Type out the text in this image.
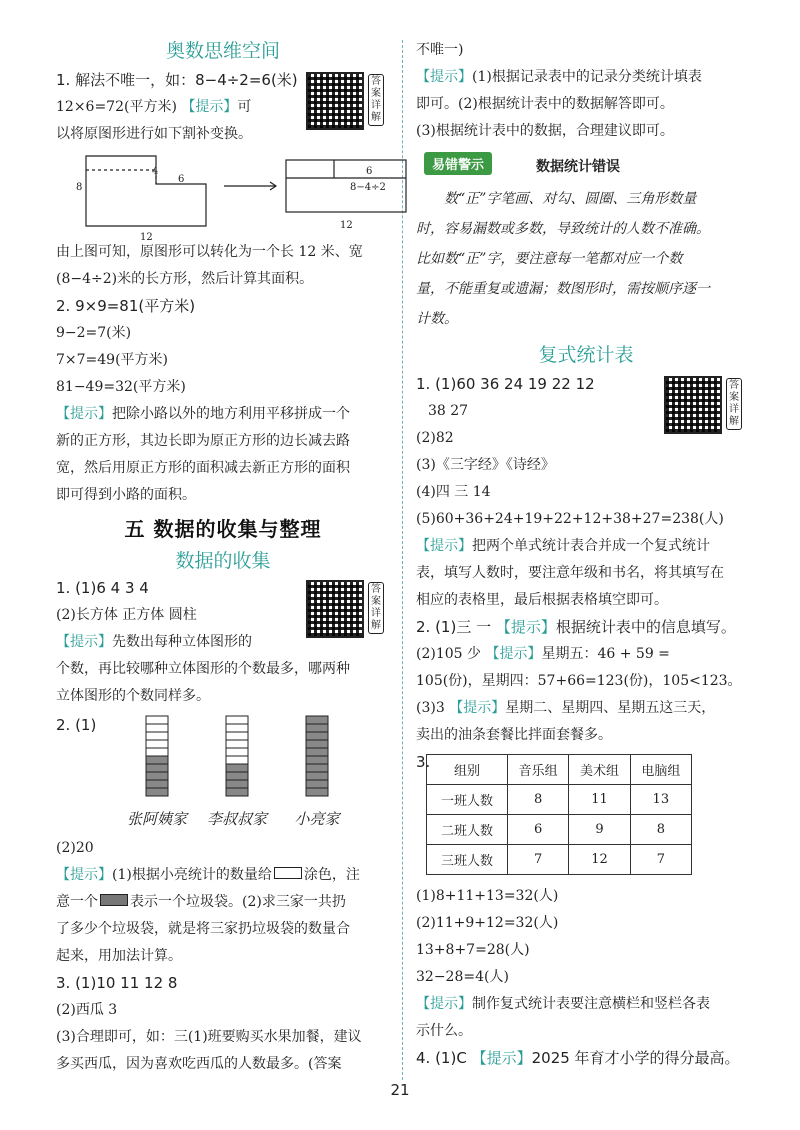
奥数思维空间
答
案
详
解
1. 解法不唯一，如：8−4÷2=6(米)
12×6=72(平方米) 【提示】可
以将原图形进行如下割补变换。
4
6
8
12
6
8−4÷2
12
由上图可知，原图形可以转化为一个长 12 米、宽
(8−4÷2)米的长方形，然后计算其面积。
2. 9×9=81(平方米)
9−2=7(米)
7×7=49(平方米)
81−49=32(平方米)
【提示】把除小路以外的地方利用平移拼成一个
新的正方形，其边长即为原正方形的边长减去路
宽，然后用原正方形的面积减去新正方形的面积
即可得到小路的面积。
五 数据的收集与整理
数据的收集
答
案
详
解
1. (1)6 4 3 4
(2)长方体 正方体 圆柱
【提示】先数出每种立体图形的
个数，再比较哪种立体图形的个数最多，哪两种
立体图形的个数同样多。
2. (1)
张阿姨家 李叔叔家 小亮家
(2)20
【提示】(1)根据小亮统计的数量给 涂色，注
意一个 表示一个垃圾袋。(2)求三家一共扔
了多少个垃圾袋，就是将三家扔垃圾袋的数量合
起来，用加法计算。
3. (1)10 11 12 8
(2)西瓜 3
(3)合理即可，如：三(1)班要购买水果加餐，建议
多买西瓜，因为喜欢吃西瓜的人数最多。(答案
不唯一)
【提示】(1)根据记录表中的记录分类统计填表
即可。(2)根据统计表中的数据解答即可。
(3)根据统计表中的数据，合理建议即可。
易错警示	数据统计错误
数“正”字笔画、对勾、圆圈、三角形数量
时，容易漏数或多数，导致统计的人数不准确。
比如数“正”字，要注意每一笔都对应一个数
量，不能重复或遗漏；数图形时，需按顺序逐一
计数。
复式统计表
答
案
详
解
1. (1)60 36 24 19 22 12
38 27
(2)82
(3)《三字经》《诗经》
(4)四 三 14
(5)60+36+24+19+22+12+38+27=238(人)
【提示】把两个单式统计表合并成一个复式统计
表，填写人数时，要注意年级和书名，将其填写在
相应的表格里，最后根据表格填空即可。
2. (1)三 一 【提示】根据统计表中的信息填写。
(2)105 少 【提示】星期五：46 + 59 =
105(份)，星期四：57+66=123(份)，105<123。
(3)3 【提示】星期二、星期四、星期五这三天，
卖出的油条套餐比拌面套餐多。
3.
组别	音乐组	美术组	电脑组
一班人数	8	11	13
二班人数	6	9	8
三班人数	7	12	7
(1)8+11+13=32(人)
(2)11+9+12=32(人)
13+8+7=28(人)
32−28=4(人)
【提示】制作复式统计表要注意横栏和竖栏各表
示什么。
4. (1)C 【提示】2025 年育才小学的得分最高。
21
